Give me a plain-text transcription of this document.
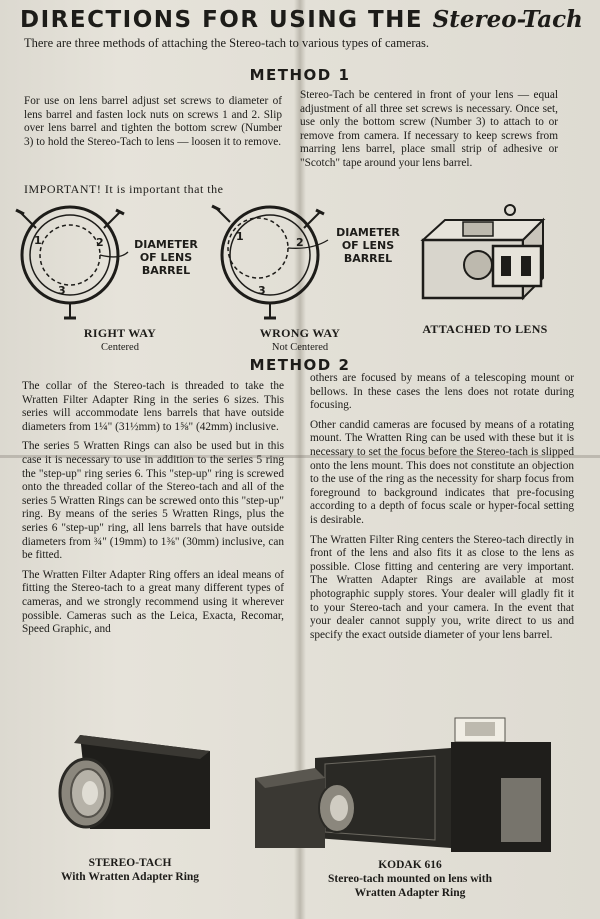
DIRECTIONS FOR USING THE Stereo-Tach
There are three methods of attaching the Stereo-tach to various types of cameras.
METHOD 1
For use on lens barrel adjust set screws to diameter of lens barrel and fasten lock nuts on screws 1 and 2. Slip over lens barrel and tighten the bottom screw (Number 3) to hold the Stereo-Tach to lens — loosen it to remove.
Stereo-Tach be centered in front of your lens — equal adjustment of all three set screws is necessary. Once set, use only the bottom screw (Number 3) to attach to or remove from camera. If necessary to keep screws from marring lens barrel, place small strip of adhesive or "Scotch" tape around your lens barrel.
IMPORTANT! It is important that the
1	2
3
DIAMETER OF LENS BARREL
RIGHT WAY
Centered
1	2
3
DIAMETER OF LENS BARREL
WRONG WAY
Not Centered
ATTACHED TO LENS
METHOD 2

The collar of the Stereo-tach is threaded to take the Wratten Filter Adapter Ring in the series 6 sizes. This series will accommodate lens barrels that have outside diameters from 1¼" (31½mm) to 1⅝" (42mm) inclusive.

The series 5 Wratten Rings can also be used but in this case it is necessary to use in addition to the series 5 ring the "step-up" ring series 6. This "step-up" ring is screwed onto the threaded collar of the Stereo-tach and all of the series 5 Wratten Rings can be screwed onto this "step-up" ring. By means of the series 5 Wratten Rings, plus the series 6 "step-up" ring, all lens barrels that have outside diameters from ¾" (19mm) to 1⅜" (30mm) inclusive, can be fitted.

The Wratten Filter Adapter Ring offers an ideal means of fitting the Stereo-tach to a great many different types of cameras, and we strongly recommend using it wherever possible. Cameras such as the Leica, Exacta, Recomar, Speed Graphic, and

others are focused by means of a telescoping mount or bellows. In these cases the lens does not rotate during focusing.

Other candid cameras are focused by means of a rotating mount. The Wratten Ring can be used with these but it is necessary to set the focus before the Stereo-tach is slipped onto the lens mount. This does not constitute an objection to the use of the ring as the necessity for sharp focus from foreground to background indicates that pre-focusing according to a depth of focus scale or hyper-focal setting is desirable.

The Wratten Filter Ring centers the Stereo-tach directly in front of the lens and also fits it as close to the lens as possible. Close fitting and centering are very important. The Wratten Adapter Rings are available at most photographic supply stores. Your dealer will gladly fit it to your Stereo-tach and your camera. In the event that your dealer cannot supply you, write direct to us and specify the exact outside diameter of your lens barrel.

STEREO-TACH
With Wratten Adapter Ring
KODAK 616
Stereo-tach mounted on lens with
Wratten Adapter Ring
